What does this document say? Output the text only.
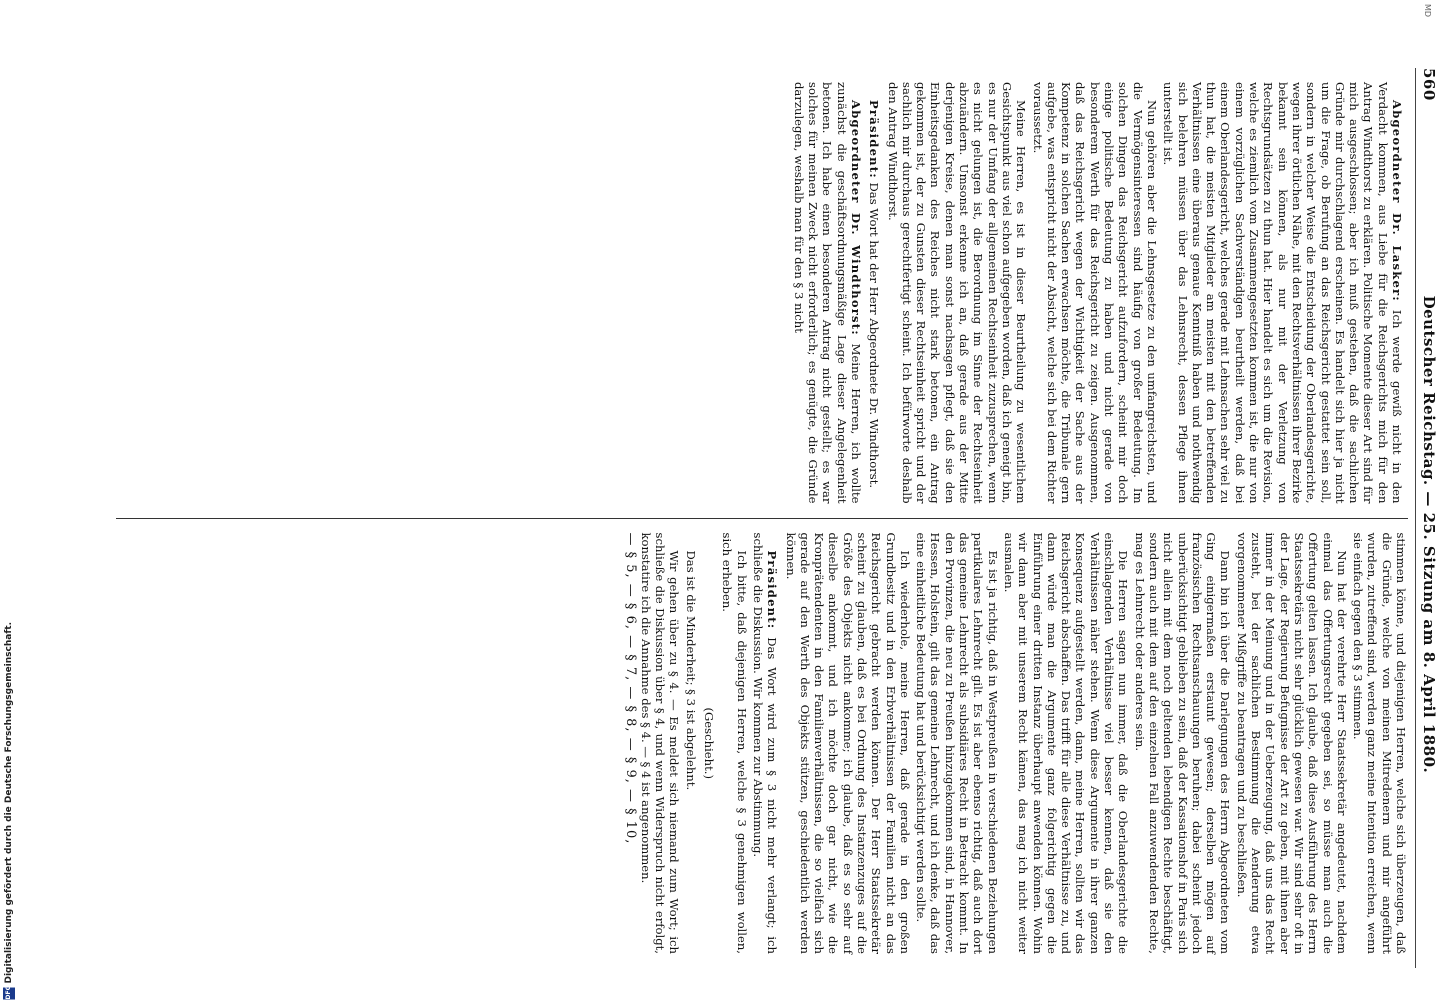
560
Deutscher Reichstag. — 25. Sitzung am 8. April 1880.

Abgeordneter Dr. Lasker: Ich werde gewiß nicht in den Verdacht kommen, aus Liebe für die Reichsgerichts mich für den Antrag Windthorst zu erklären. Politische Momente dieser Art sind für mich ausgeschlossen; aber ich muß gestehen, daß die sachlichen Gründe mir durchschlagend erscheinen. Es handelt sich hier ja nicht um die Frage, ob Berufung an das Reichsgericht gestattet sein soll, sondern in welcher Weise die Entscheidung der Oberlandesgerichte, wegen ihrer örtlichen Nähe, mit den Rechtsverhältnissen ihrer Bezirke bekannt sein können, als nur mit der Verletzung von Rechtsgrundsätzen zu thun hat. Hier handelt es sich um die Revision, welche es ziemlich vom Zusammengesetzten kommen ist, die nur von einem vorzüglichen Sachverständigen beurtheilt werden, daß bei einem Oberlandesgericht, welches gerade mit Lehnsachen sehr viel zu thun hat, die meisten Mitglieder am meisten mit den betreffenden Verhältnissen eine überaus genaue Kenntniß haben und nothwendig sich belehren müssen über das Lehnsrecht, dessen Pflege ihnen unterstellt ist.

Nun gehören aber die Lehnsgesetze zu den umfangreichsten, und die Vermögensinteressen sind häufig von großer Bedeutung. Im solchen Dingen das Reichsgericht aufzufordern, scheint mir doch einige politische Bedeutung zu haben und nicht gerade von besonderem Werth für das Reichsgericht zu zeigen. Ausgenommen, daß das Reichsgericht wegen der Wichtigkeit der Sache aus der Kompetenz in solchen Sachen erwachsen möchte, die Tribunale gern aufgebe, was entspricht nicht der Absicht, welche sich bei dem Richter voraussetzt.

Meine Herren, es ist in dieser Beurtheilung zu wesentlichem Gesichtspunkt aus viel schon aufgegeben worden, daß ich geneigt bin, es nur der Umfang der allgemeinen Rechtseinheit zuzusprechen, wenn es nicht gelungen ist, die Berordnung im Sinne der Rechtseinheit abzuändern. Umsonst erkenne ich an, daß gerade aus der Mitte derjenigen Kreise, denen man sonst nachsagen pflegt, daß sie den Einheitsgedanken des Reiches nicht stark betonen, ein Antrag gekommen ist, der zu Gunsten dieser Rechtseinheit spricht und der sachlich mir durchaus gerechtfertigt scheint. Ich befürworte deshalb den Antrag Windthorst.

Präsident: Das Wort hat der Herr Abgeordnete Dr. Windthorst.

Abgeordneter Dr. Windthorst: Meine Herren, ich wollte zunächst die geschäftsordnungsmäßige Lage dieser Angelegenheit betonen. Ich habe einen besonderen Antrag nicht gestellt; es war solches für meinen Zweck nicht erforderlich; es genügte, die Gründe darzulegen, weshalb man für den § 3 nicht

stimmen könne, und diejenigen Herren, welche sich überzeugen, daß die Gründe, welche von meinen Mitredenern und mir angeführt wurden, zutreffend sind, werden ganz meine Intention erreichen, wenn sie einfach gegen den § 3 stimmen.

Nun hat der verehrte Herr Staatssekretär angedeutet, nachdem einmal das Offertungsrecht gegeben sei, so müsse man auch die Offertung gelten lassen. Ich glaube, daß diese Ausführung des Herrn Staatssekretärs nicht sehr glücklich gewesen war. Wir sind sehr oft in der Lage, der Regierung Befugnisse der Art zu geben, mit ihnen aber immer in der Meinung und in der Ueberzeugung, daß uns das Recht zusteht, bei der sachlichen Bestimmung die Aenderung etwa vorgenommener Mißgriffe zu beantragen und zu beschließen.

Dann bin ich über die Darlegungen des Herrn Abgeordneten vom Ging einigermaßen erstaunt gewesen; derselben mögen auf französischen Rechtsanschauungen beruhen; dabei scheint jedoch unberücksichtigt geblieben zu sein, daß der Kassationshof in Paris sich nicht allein mit dem noch geltenden lebendigen Rechte beschäftigt, sondern auch mit dem auf den einzelnen Fall anzuwendenden Rechte, mag es Lehnrecht oder anderes sein.

Die Herren sagen nun immer, daß die Oberlandesgerichte die einschlagenden Verhältnisse viel besser kennen, daß sie den Verhältnissen näher stehen. Wenn diese Argumente in ihrer ganzen Konsequenz aufgestellt werden, dann, meine Herren, sollten wir das Reichsgericht abschaffen. Das trifft für alle diese Verhältnisse zu, und dann würde man die Argumente ganz folgerichtig gegen die Einführung einer dritten Instanz überhaupt anwenden können. Wohin wir dann aber mit unserem Recht kämen, das mag ich nicht weiter ausmalen.

Es ist ja richtig, daß in Westpreußen in verschiedenen Beziehungen partikulares Lehnrecht gilt. Es ist aber ebenso richtig, daß auch dort das gemeine Lehnrecht als subsidiäres Recht in Betracht kommt. In den Provinzen, die neu zu Preußen hinzugekommen sind, in Hannover, Hessen, Holstein, gilt das gemeine Lehnrecht, und ich denke, daß das eine einheitliche Bedeutung hat und berücksichtigt werden sollte.

Ich wiederhole, meine Herren, daß gerade in den großen Grundbesitz und in den Erbverhältnissen der Familien nicht an das Reichsgericht gebracht werden können. Der Herr Staatssekretär scheint zu glauben, daß es bei Ordnung des Instanzenzuges auf die Größe des Objekts nicht ankomme; ich glaube, daß es so sehr auf dieselbe ankommt, und ich möchte doch gar nicht, wie die Kronprätendenten in den Familienverhältnissen, die so vielfach sich gerade auf den Werth des Objekts stützen, geschiedentlich werden können.

Präsident: Das Wort wird zum § 3 nicht mehr verlangt; ich schließe die Diskussion. Wir kommen zur Abstimmung.

Ich bitte, daß diejenigen Herren, welche § 3 genehmigen wollen, sich erheben.

(Geschieht.)

Das ist die Minderheit; § 3 ist abgelehnt.

Wir gehen über zu § 4. — Es meldet sich niemand zum Wort; ich schließe die Diskussion über § 4, und wenn Widerspruch nicht erfolgt, konstatire ich die Annahme des § 4. — § 4 ist angenommen.

— § 5, — § 6, — § 7, — § 8, — § 9, — § 10,

DFG
Digitalisierung gefördert durch die Deutsche Forschungsgemeinschaft.
MD
